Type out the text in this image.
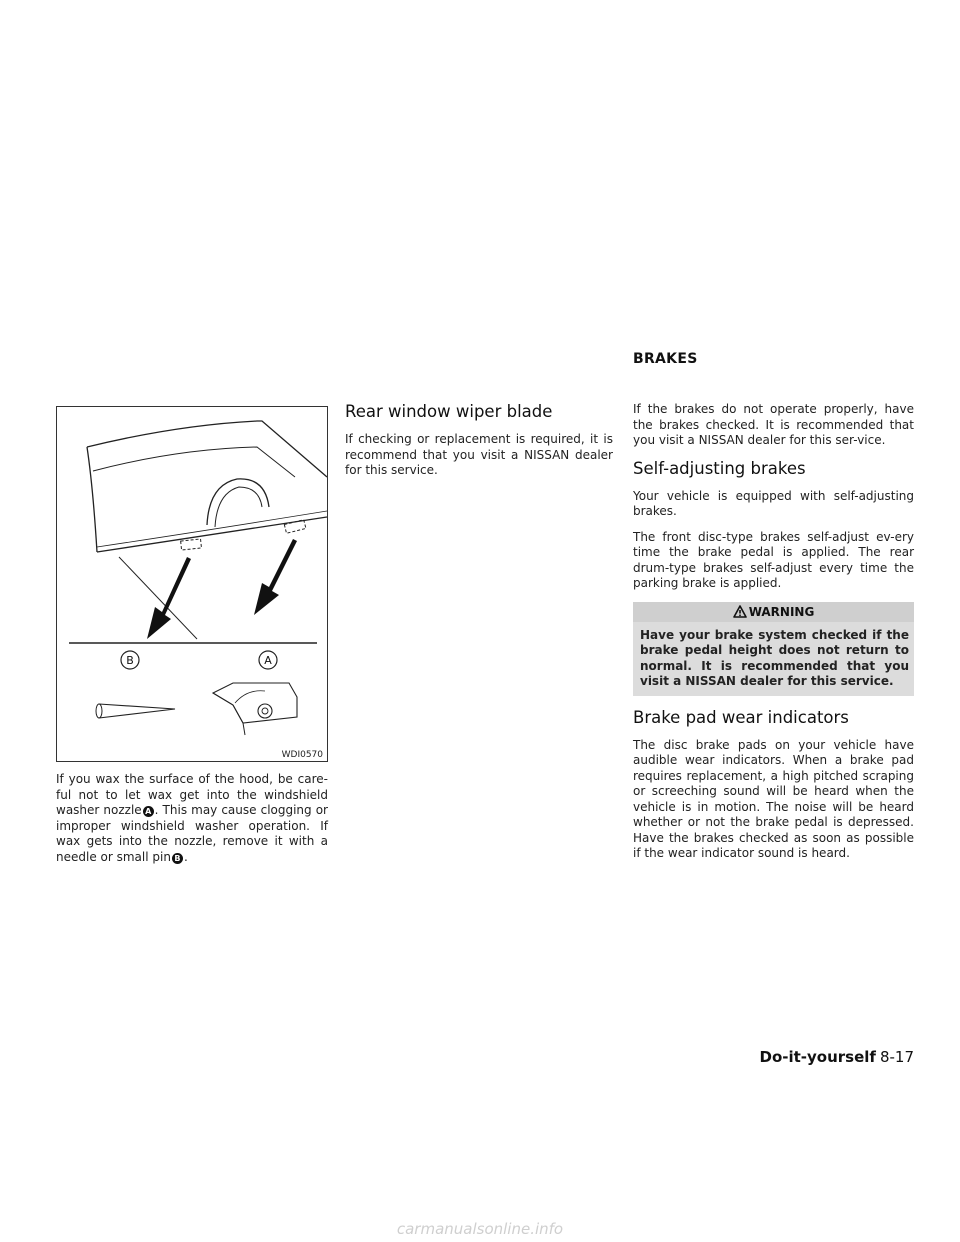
BRAKES
B	A
WDI0570

If you wax the surface of the hood, be care-ful not to let wax get into the windshield washer nozzle A . This may cause clogging or improper windshield washer operation. If wax gets into the nozzle, remove it with a needle or small pin B .

Rear window wiper blade

If checking or replacement is required, it is recommend that you visit a NISSAN dealer for this service.

If the brakes do not operate properly, have the brakes checked. It is recommended that you visit a NISSAN dealer for this ser-vice.

Self-adjusting brakes

Your vehicle is equipped with self-adjusting brakes.

The front disc-type brakes self-adjust ev-ery time the brake pedal is applied. The rear drum-type brakes self-adjust every time the parking brake is applied.

WARNING

Have your brake system checked if the brake pedal height does not return to normal. It is recommended that you visit a NISSAN dealer for this service.

Brake pad wear indicators

The disc brake pads on your vehicle have audible wear indicators. When a brake pad requires replacement, a high pitched scraping or screeching sound will be heard when the vehicle is in motion. The noise will be heard whether or not the brake pedal is depressed. Have the brakes checked as soon as possible if the wear indicator sound is heard.

Do-it-yourself 8-17
carmanualsonline.info
